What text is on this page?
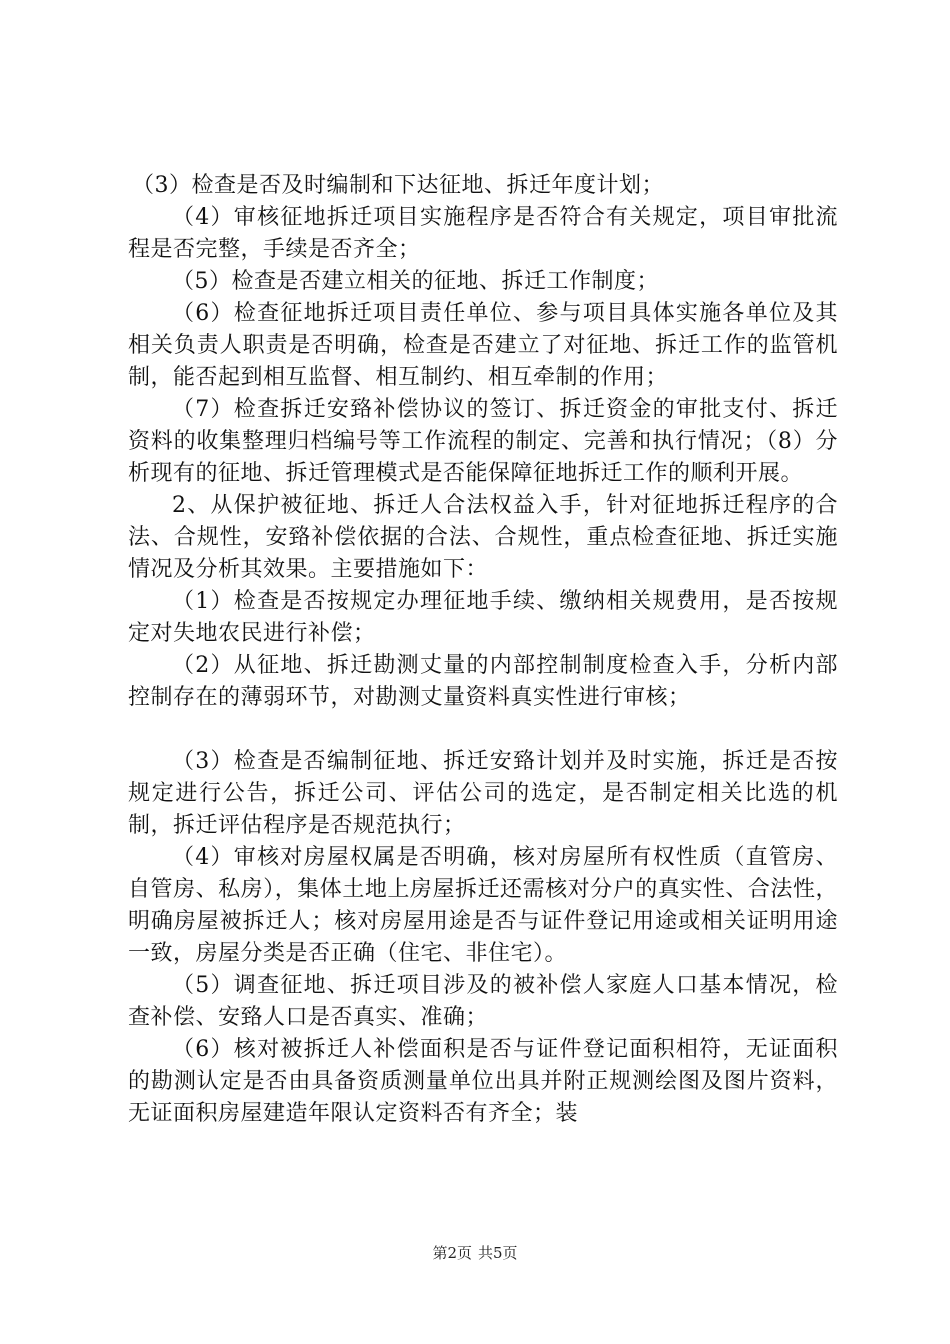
（3）检查是否及时编制和下达征地、拆迁年度计划；

（4）审核征地拆迁项目实施程序是否符合有关规定，项目审批流程是否完整，手续是否齐全；

（5）检查是否建立相关的征地、拆迁工作制度；

（6）检查征地拆迁项目责任单位、参与项目具体实施各单位及其相关负责人职责是否明确，检查是否建立了对征地、拆迁工作的监管机制，能否起到相互监督、相互制约、相互牵制的作用；

（7）检查拆迁安臵补偿协议的签订、拆迁资金的审批支付、拆迁资料的收集整理归档编号等工作流程的制定、完善和执行情况；（8）分析现有的征地、拆迁管理模式是否能保障征地拆迁工作的顺利开展。

2、从保护被征地、拆迁人合法权益入手，针对征地拆迁程序的合法、合规性，安臵补偿依据的合法、合规性，重点检查征地、拆迁实施情况及分析其效果。主要措施如下：

（1）检查是否按规定办理征地手续、缴纳相关规费用，是否按规定对失地农民进行补偿；

（2）从征地、拆迁勘测丈量的内部控制制度检查入手，分析内部控制存在的薄弱环节，对勘测丈量资料真实性进行审核；

（3）检查是否编制征地、拆迁安臵计划并及时实施，拆迁是否按规定进行公告，拆迁公司、评估公司的选定，是否制定相关比选的机制，拆迁评估程序是否规范执行；

（4）审核对房屋权属是否明确，核对房屋所有权性质（直管房、自管房、私房），集体土地上房屋拆迁还需核对分户的真实性、合法性，明确房屋被拆迁人；核对房屋用途是否与证件登记用途或相关证明用途一致，房屋分类是否正确（住宅、非住宅）。

（5）调查征地、拆迁项目涉及的被补偿人家庭人口基本情况，检查补偿、安臵人口是否真实、准确；

（6）核对被拆迁人补偿面积是否与证件登记面积相符，无证面积的勘测认定是否由具备资质测量单位出具并附正规测绘图及图片资料，无证面积房屋建造年限认定资料否有齐全；装

第2页 共5页
